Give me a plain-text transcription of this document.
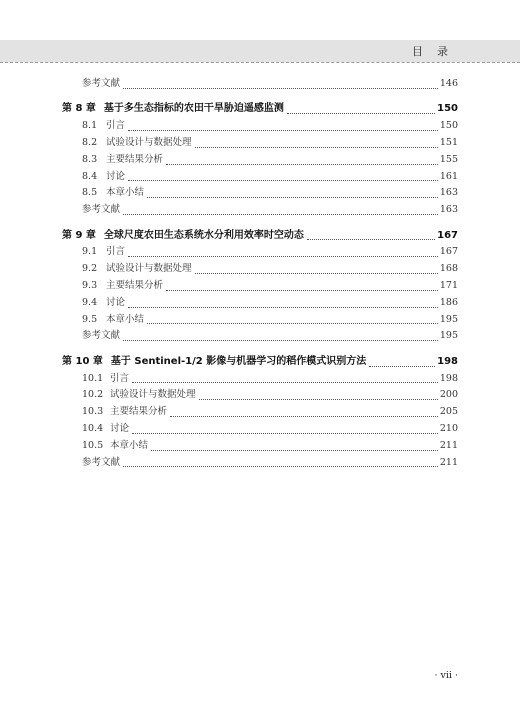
目录
参考文献	146
第 8 章 基于多生态指标的农田干旱胁迫遥感监测	150
8.1 引言	150
8.2 试验设计与数据处理	151
8.3 主要结果分析	155
8.4 讨论	161
8.5 本章小结	163
参考文献	163
第 9 章 全球尺度农田生态系统水分利用效率时空动态	167
9.1 引言	167
9.2 试验设计与数据处理	168
9.3 主要结果分析	171
9.4 讨论	186
9.5 本章小结	195
参考文献	195
第 10 章 基于 Sentinel-1/2 影像与机器学习的稻作模式识别方法	198
10.1 引言	198
10.2 试验设计与数据处理	200
10.3 主要结果分析	205
10.4 讨论	210
10.5 本章小结	211
参考文献	211
· vii ·
